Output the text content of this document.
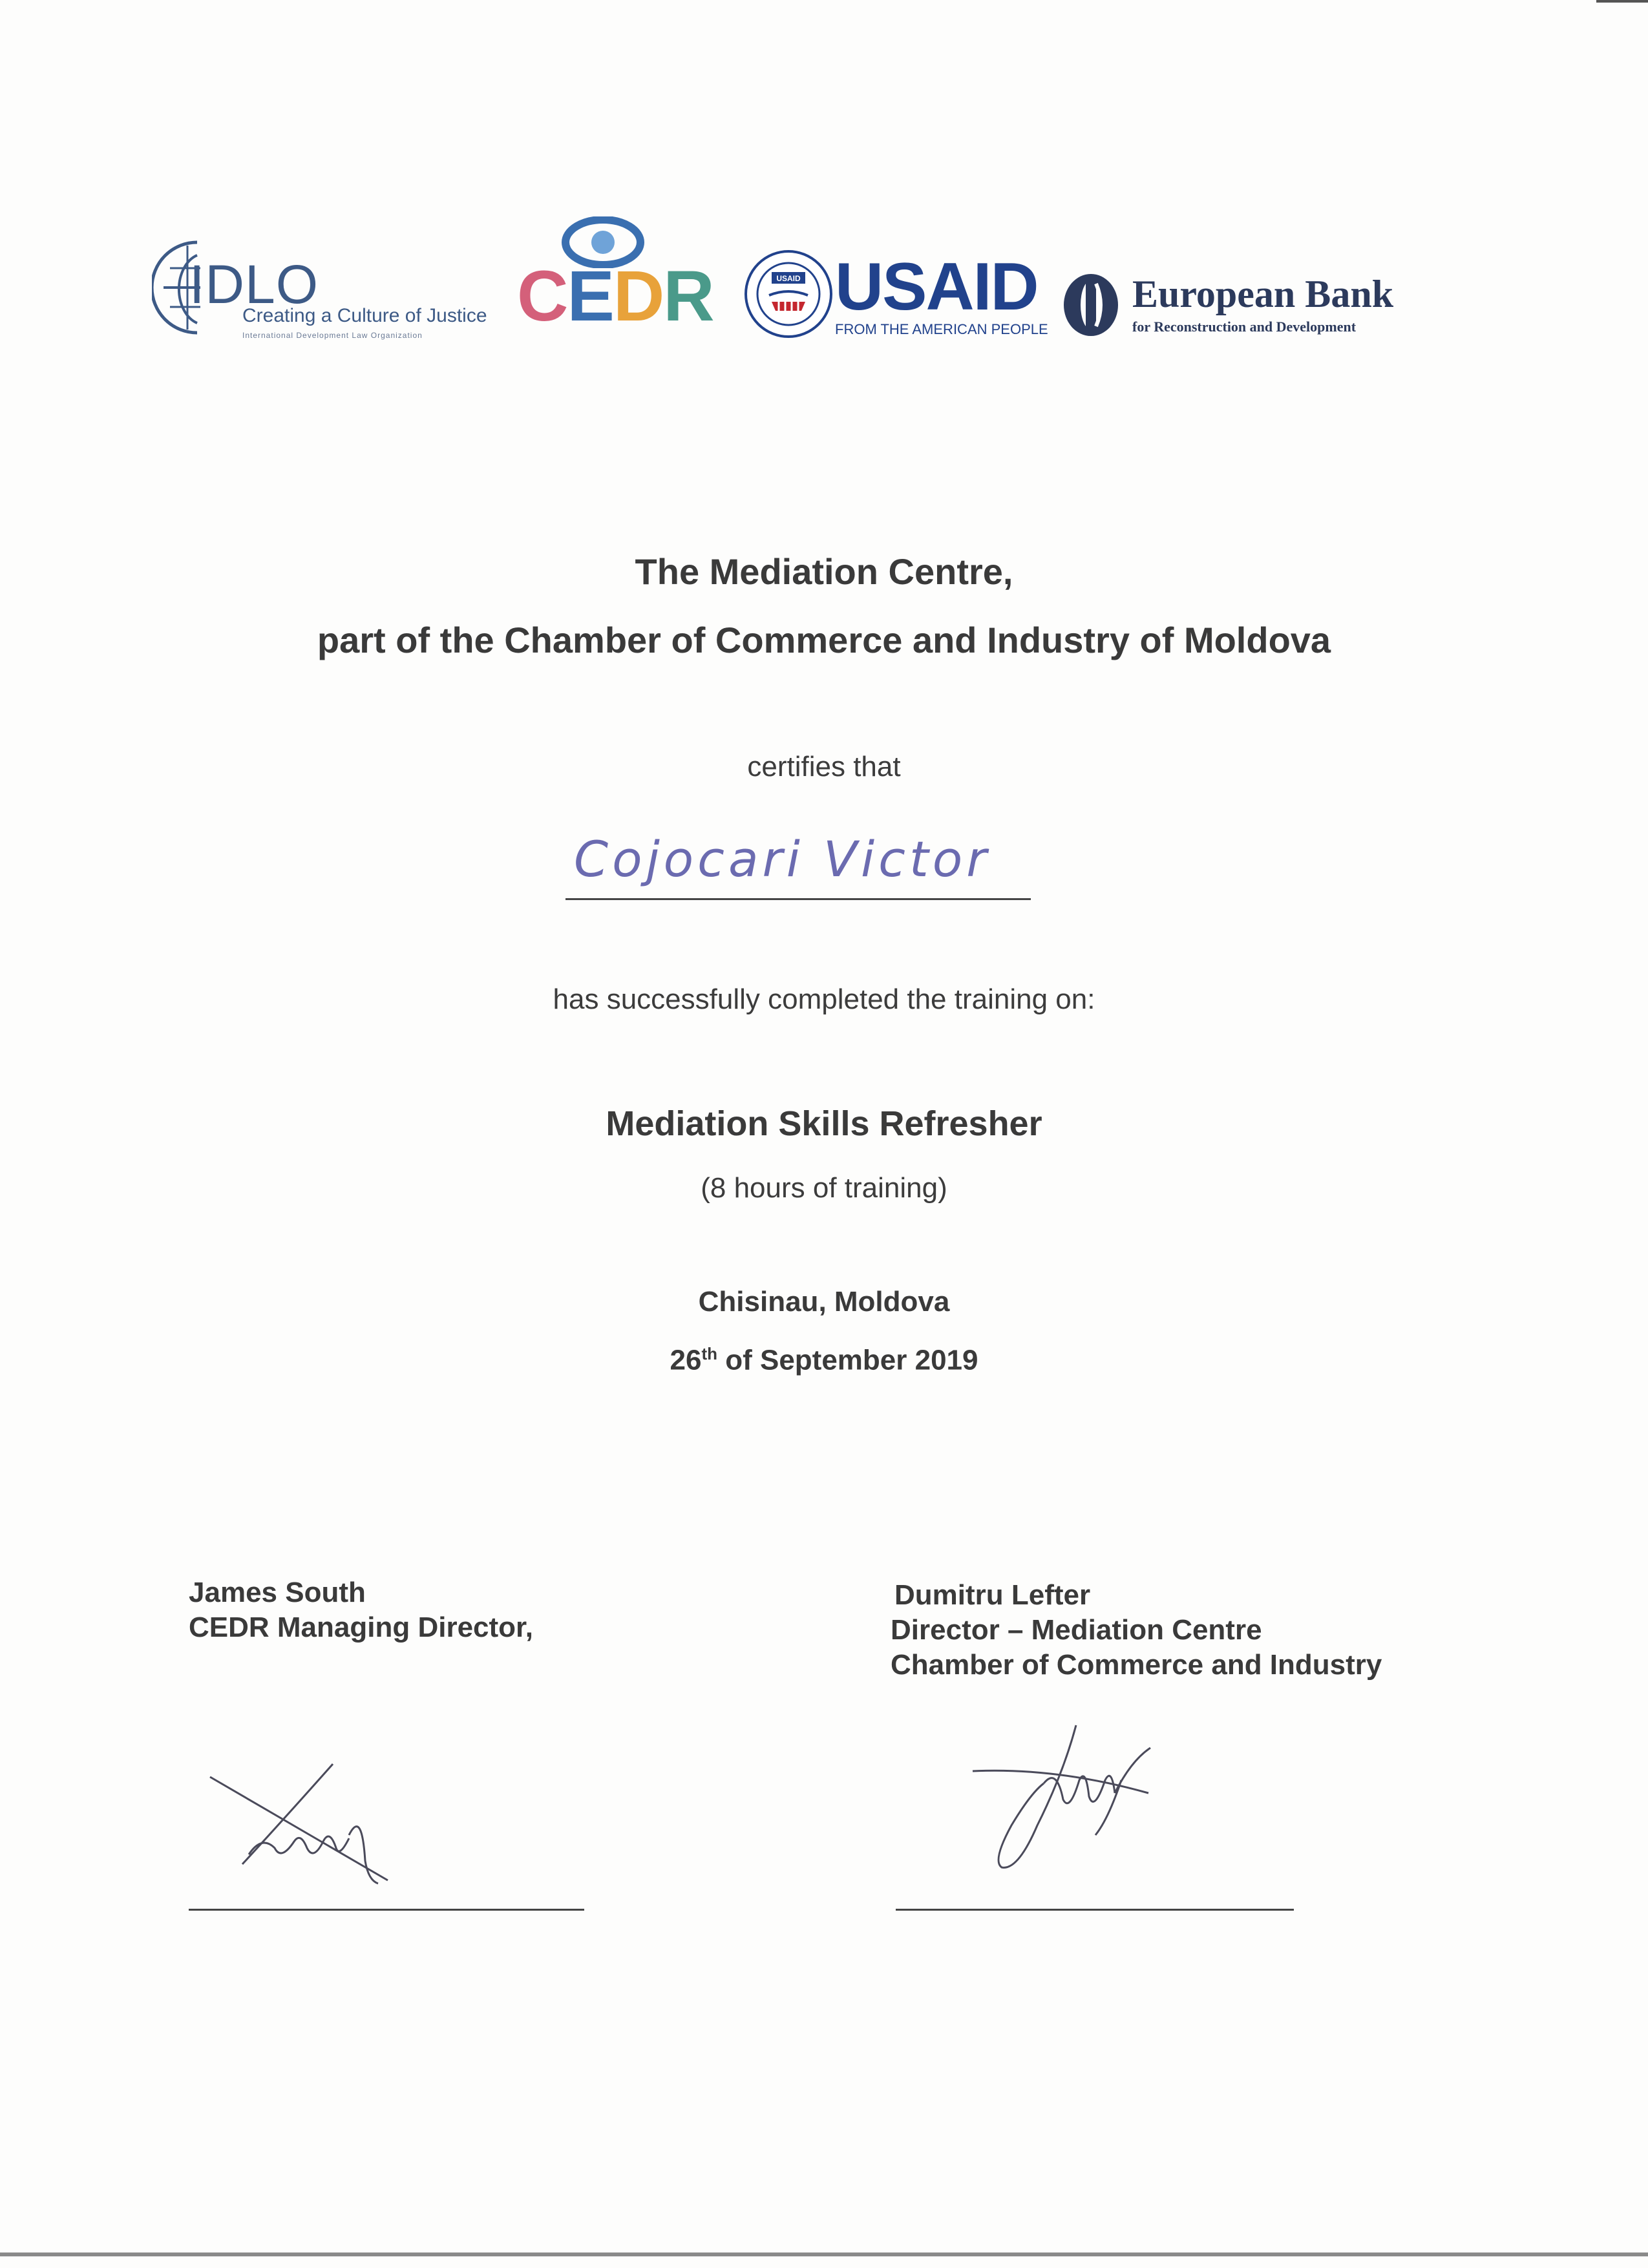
IDLO
Creating a Culture of Justice
International Development Law Organization CEDR	USAID USAID
FROM THE AMERICAN PEOPLE
European Bank
for Reconstruction and Development
The Mediation Centre,
part of the Chamber of Commerce and Industry of Moldova
certifies that
Cojocari Victor
has successfully completed the training on:
Mediation Skills Refresher
(8 hours of training)
Chisinau, Moldova
26th of September 2019
James South
CEDR Managing Director,
Dumitru Lefter
Director – Mediation Centre
Chamber of Commerce and Industry
